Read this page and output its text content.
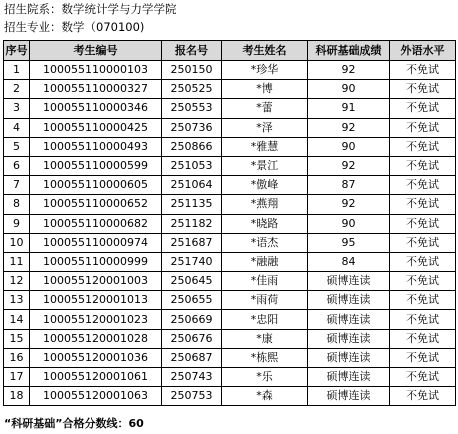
招生院系：数学统计学与力学学院
招生专业：数学（070100)
序号	考生编号	报名号	考生姓名	科研基础成绩	外语水平
1	100055110000103	250150	*珍华	92	不免试
2	100055110000327	250525	*博	90	不免试
3	100055110000346	250553	*蕾	91	不免试
4	100055110000425	250736	*泽	92	不免试
5	100055110000493	250866	*雅慧	90	不免试
6	100055110000599	251053	*景江	92	不免试
7	100055110000605	251064	*傲峰	87	不免试
8	100055110000652	251135	*燕翔	92	不免试
9	100055110000682	251182	*晓路	90	不免试
10	100055110000974	251687	*语杰	95	不免试
11	100055110000999	251740	*融融	84	不免试
12	100055120001003	250645	*佳雨	硕博连读	不免试
13	100055120001013	250655	*雨荷	硕博连读	不免试
14	100055120001023	250669	*忠阳	硕博连读	不免试
15	100055120001028	250676	*康	硕博连读	不免试
16	100055120001036	250687	*栋熙	硕博连读	不免试
17	100055120001061	250743	*乐	硕博连读	不免试
18	100055120001063	250753	*森	硕博连读	不免试
“科研基础”合格分数线：60
